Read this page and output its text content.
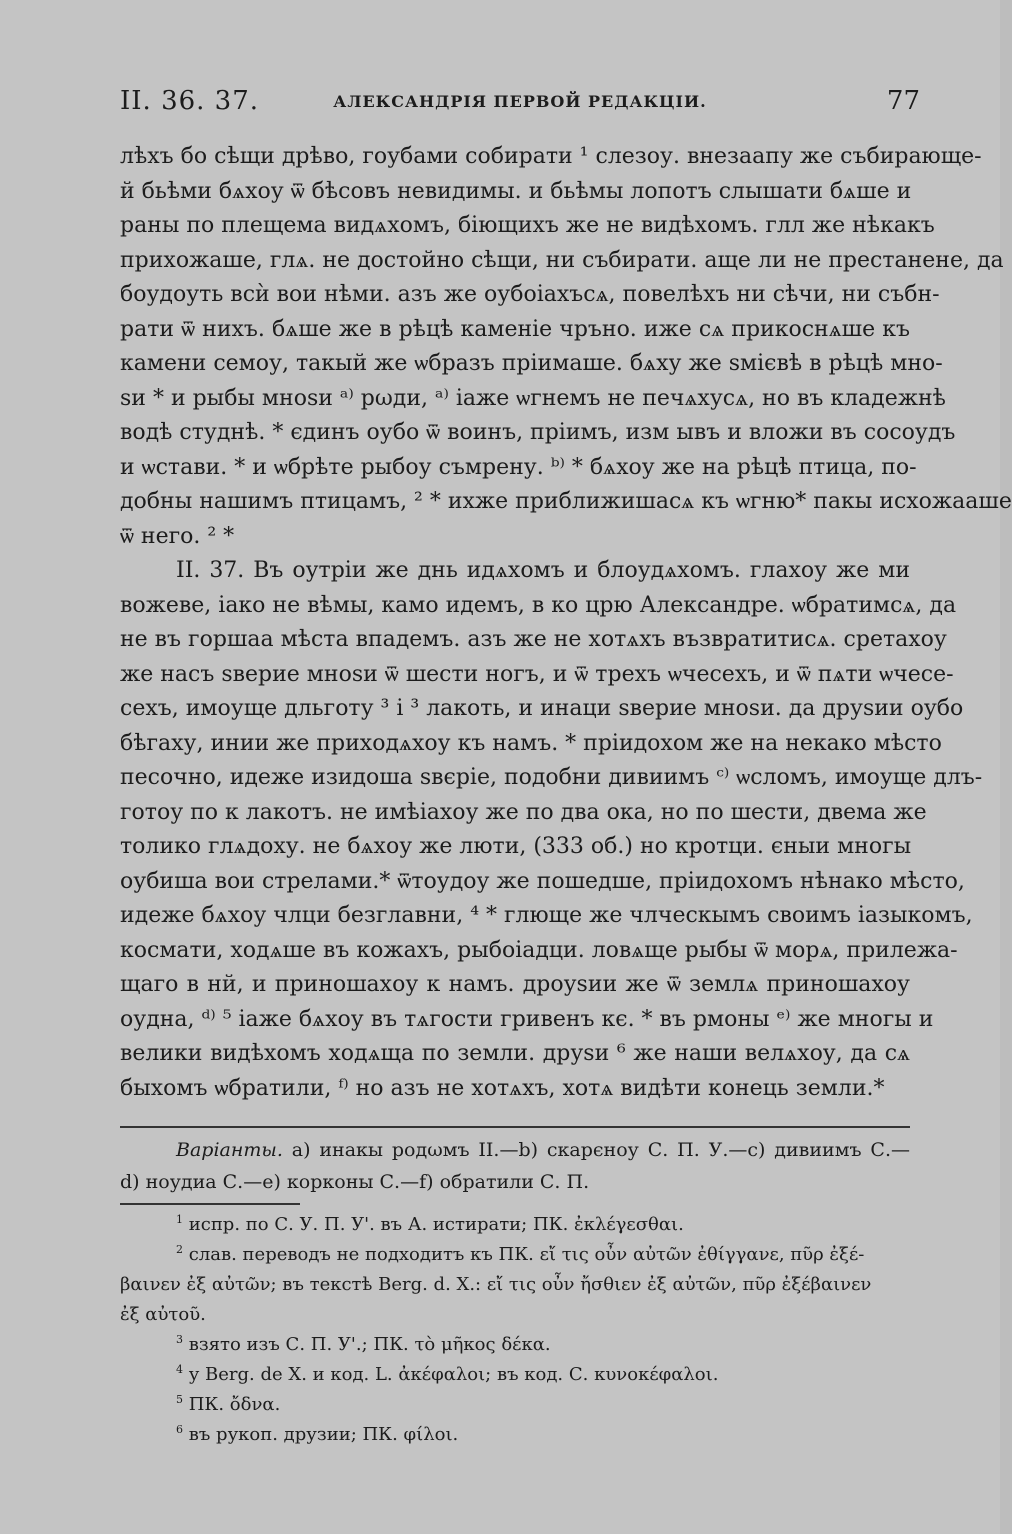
II. 36. 37.	АЛЕКСАНДРІЯ ПЕРВОЙ РЕДАКЦІИ.	77
лѣхъ бо сѣщи дрѣво, гоубами собирати ¹ слезоу. внезаапу же събирающе-
й бьѣми бѧхоу ѿ бѣсовъ невидимы. и бьѣмы лопотъ слышати бѧше и
раны по плещема видѧхомъ, біющихъ же не видѣхомъ. глл же нѣкакъ
прихожаше, глѧ. не достойно сѣщи, ни събирати. аще ли не престанене, да
боудоуть всѝ вои нѣми. азъ же оубоіахъсѧ, повелѣхъ ни сѣчи, ни събн-
рати ѿ нихъ. бѧше же в рѣцѣ каменіе чръно. иже сѧ прикоснѧше къ
камени семоу, такый же ѡбразъ пріимаше. бѧху же ѕмієвѣ в рѣцѣ мно-
ѕи * и рыбы мноѕи ᵃ⁾ рωди, ᵃ⁾ іаже ѡгнемъ не печѧхусѧ, но въ кладежнѣ
водѣ студнѣ. * єдинъ оубо ѿ воинъ, пріимъ, изм ывъ и вложи въ сосоудъ
и ѡстави. * и ѡбрѣте рыбоу съмрену. ᵇ⁾ * бѧхоу же на рѣцѣ птица, по-
добны нашимъ птицамъ, ² * ихже приближишасѧ къ ѡгню* пакы исхожааше
ѿ него. ² *
II. 37. Въ оутріи же днь идѧхомъ и блоудѧхомъ. глахоу же ми
вожеве, іако не вѣмы, камо идемъ, в ко црю Александре. ѡбратимсѧ, да
не въ горшаа мѣста впадемъ. азъ же не хотѧхъ възвратитисѧ. сретахоу
же насъ ѕверие мноѕи ѿ шести ногъ, и ѿ трехъ ѡчесехъ, и ѿ пѧти ѡчесе-
сехъ, имоуще дльготу ³ і ³ лакоть, и инаци ѕверие мноѕи. да друѕии оубо
бѣгаху, инии же приходѧхоу къ намъ. * пріидохом же на некако мѣсто
песочно, идеже изидоша ѕвєріе, подобни дивиимъ ᶜ⁾ ѡсломъ, имоуще длъ-
готоу по к лакотъ. не имѣіахоу же по два ока, но по шести, двема же
толико глѧдоху. не бѧхоу же люти, (333 об.) но кротци. єныи многы
оубиша вои стрелами.* ѿтоудоу же пошедше, пріидохомъ нѣнако мѣсто,
идеже бѧхоу члци безглавни, ⁴ * глюще же члческымъ своимъ іазыкомъ,
космати, ходѧше въ кожахъ, рыбоіадци. ловѧще рыбы ѿ морѧ, прилежа-
щаго в нй, и приношахоу к намъ. дроуѕии же ѿ землѧ приношахоу
оудна, ᵈ⁾ ⁵ іаже бѧхоу въ тѧгости гривенъ кє. * въ рмоны ᵉ⁾ же многы и
велики видѣхомъ ходѧща по земли. друѕи ⁶ же наши велѧхоу, да сѧ
быхомъ ѡбратили, ᶠ⁾ но азъ не хотѧхъ, хотѧ видѣти конець земли.*
Варіанты. a) инакы родωмъ II.—b) скарєноу С. П. У.—c) дивиимъ С.—
d) ноудиа С.—e) корконы С.—f) обратили С. П.
$^1$ испр. по С. У. П. У'. въ А. истирати; ПК. ἐκλέγεσθαι.
$^2$ слав. переводъ не подходитъ къ ПК. εἴ τις οὖν αὐτῶν ἐθίγγανε, πῦρ ἐξέ-
βαινεν ἐξ αὐτῶν; въ текстѣ Berg. d. X.: εἴ τις οὖν ἤσθιεν ἐξ αὐτῶν, πῦρ ἐξέβαινεν
ἐξ αὐτοῦ.
$^3$ взято изъ С. П. У'.; ПК. τὸ μῆκος δέκα.
$^4$ у Berg. de X. и код. L. ἀκέφαλοι; въ код. С. κυνοκέφαλοι.
$^5$ ПК. ὄδνα.
$^6$ въ рукоп. друзии; ПК. φίλοι.
